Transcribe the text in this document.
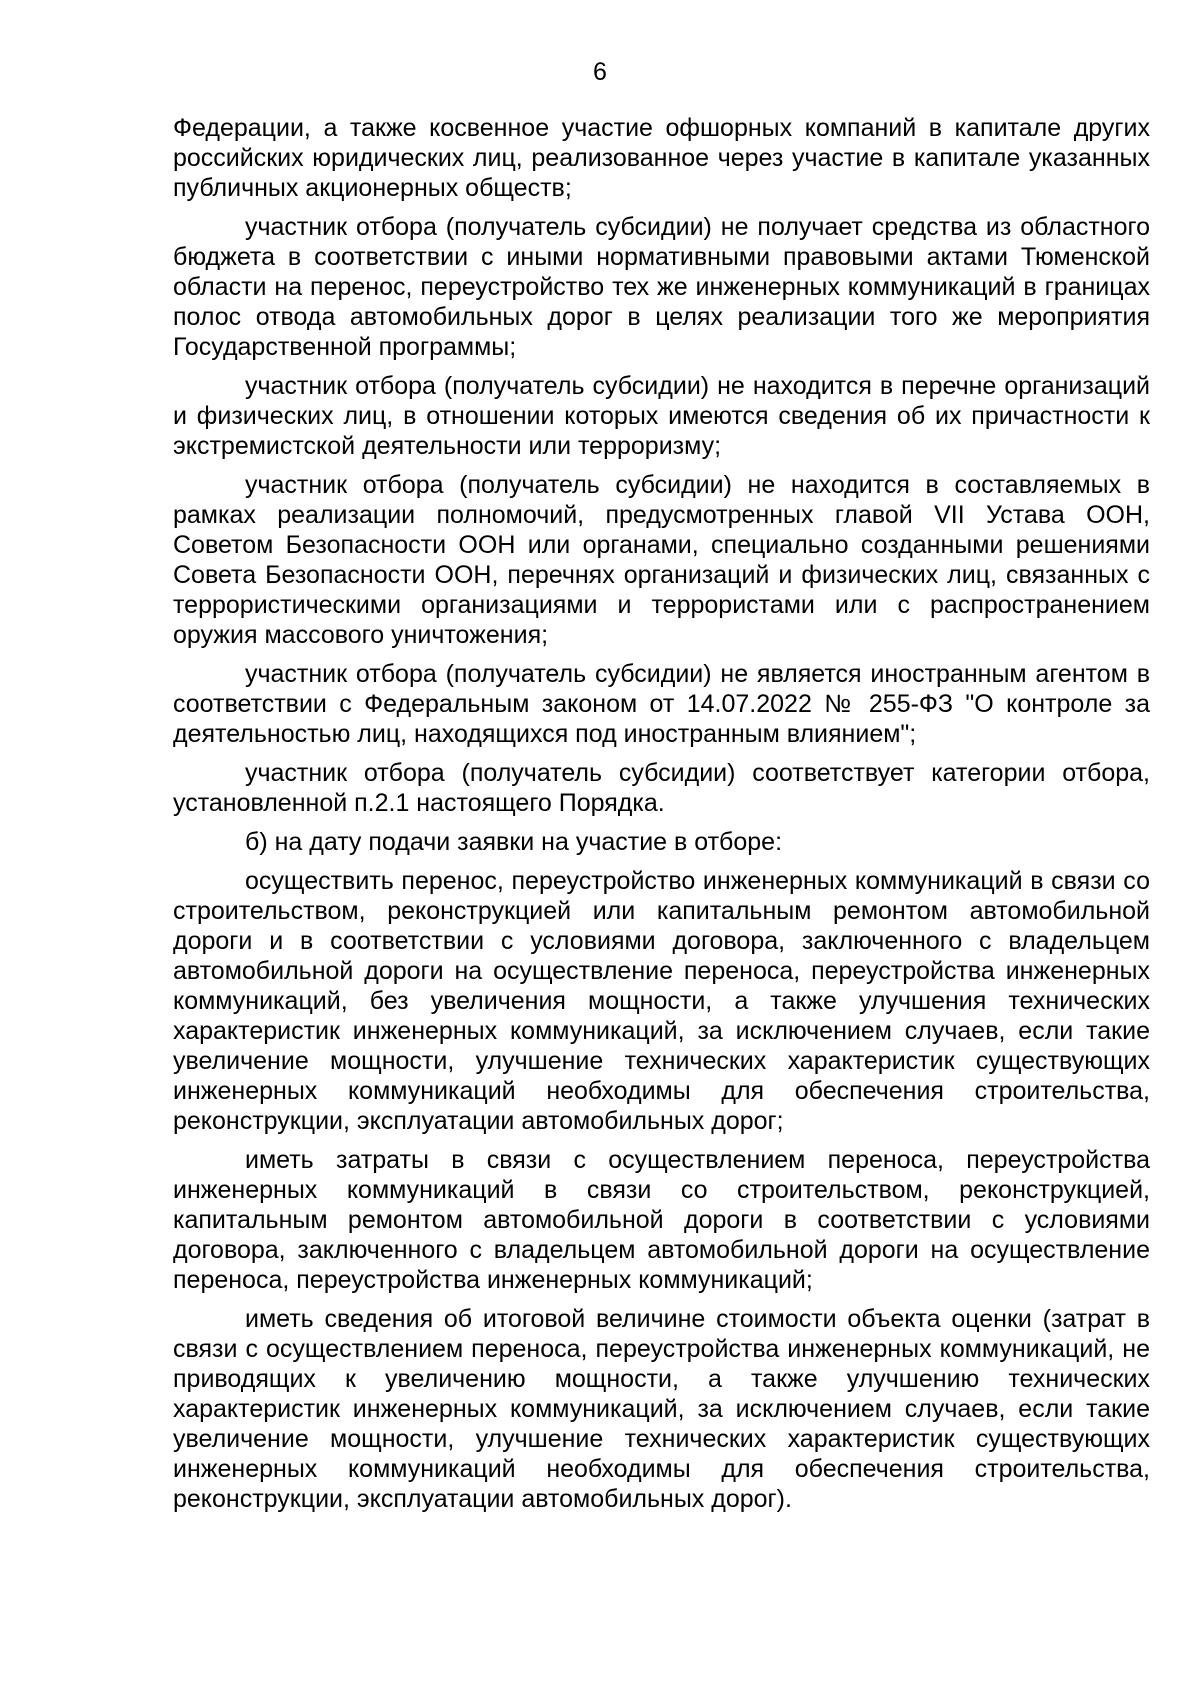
6

Федерации, а также косвенное участие офшорных компаний в капитале других российских юридических лиц, реализованное через участие в капитале указанных публичных акционерных обществ;

участник отбора (получатель субсидии) не получает средства из областного бюджета в соответствии с иными нормативными правовыми актами Тюменской области на перенос, переустройство тех же инженерных коммуникаций в границах полос отвода автомобильных дорог в целях реализации того же мероприятия Государственной программы;

участник отбора (получатель субсидии) не находится в перечне организаций и физических лиц, в отношении которых имеются сведения об их причастности к экстремистской деятельности или терроризму;

участник отбора (получатель субсидии) не находится в составляемых в рамках реализации полномочий, предусмотренных главой VII Устава ООН, Советом Безопасности ООН или органами, специально созданными решениями Совета Безопасности ООН, перечнях организаций и физических лиц, связанных с террористическими организациями и террористами или с распространением оружия массового уничтожения;

участник отбора (получатель субсидии) не является иностранным агентом в соответствии с Федеральным законом от 14.07.2022 № 255-ФЗ "О контроле за деятельностью лиц, находящихся под иностранным влиянием";

участник отбора (получатель субсидии) соответствует категории отбора, установленной п.2.1 настоящего Порядка.

б) на дату подачи заявки на участие в отборе:

осуществить перенос, переустройство инженерных коммуникаций в связи со строительством, реконструкцией или капитальным ремонтом автомобильной дороги и в соответствии с условиями договора, заключенного с владельцем автомобильной дороги на осуществление переноса, переустройства инженерных коммуникаций, без увеличения мощности, а также улучшения технических характеристик инженерных коммуникаций, за исключением случаев, если такие увеличение мощности, улучшение технических характеристик существующих инженерных коммуникаций необходимы для обеспечения строительства, реконструкции, эксплуатации автомобильных дорог;

иметь затраты в связи с осуществлением переноса, переустройства инженерных коммуникаций в связи со строительством, реконструкцией, капитальным ремонтом автомобильной дороги в соответствии с условиями договора, заключенного с владельцем автомобильной дороги на осуществление переноса, переустройства инженерных коммуникаций;

иметь сведения об итоговой величине стоимости объекта оценки (затрат в связи с осуществлением переноса, переустройства инженерных коммуникаций, не приводящих к увеличению мощности, а также улучшению технических характеристик инженерных коммуникаций, за исключением случаев, если такие увеличение мощности, улучшение технических характеристик существующих инженерных коммуникаций необходимы для обеспечения строительства, реконструкции, эксплуатации автомобильных дорог).
